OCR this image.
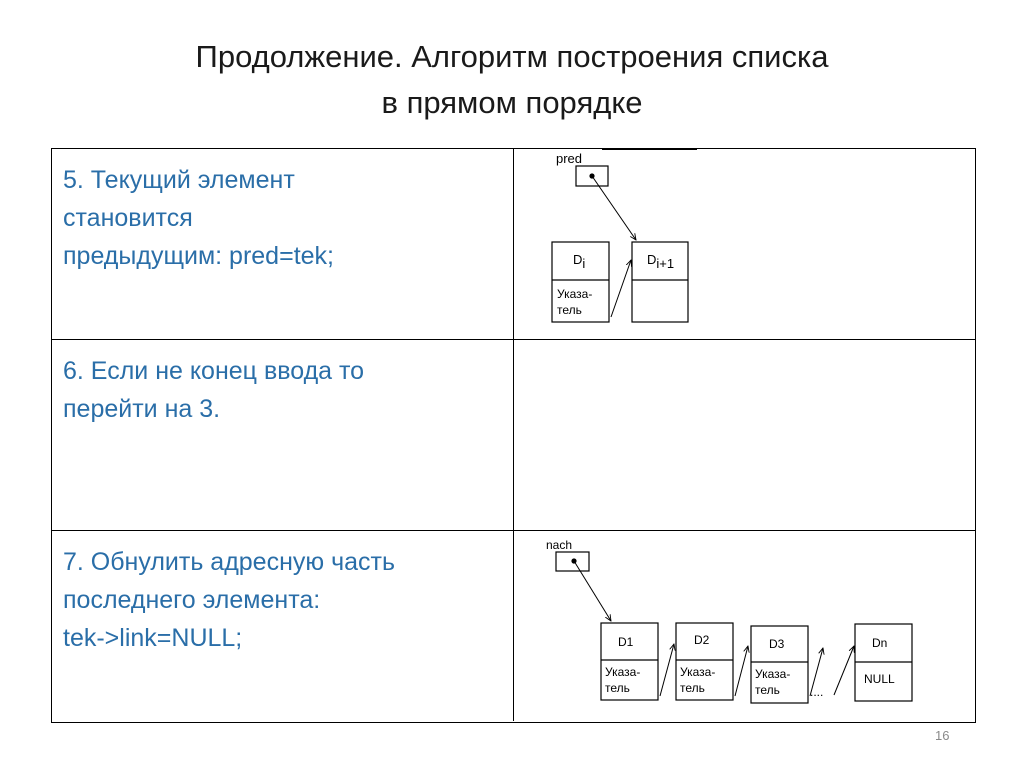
Продолжение. Алгоритм построения списка
в прямом порядке
5. Текущий элемент
становится
предыдущим: pred=tek;
pred
Di
Указа-
тель
Di+1
6. Если не конец ввода то
перейти на 3.
7. Обнулить адресную часть
последнего элемента:
tek->link=NULL;
nach
D1
Указа-
тель
D2
Указа-
тель
D3
Указа-
тель	....
Dn
NULL
16
